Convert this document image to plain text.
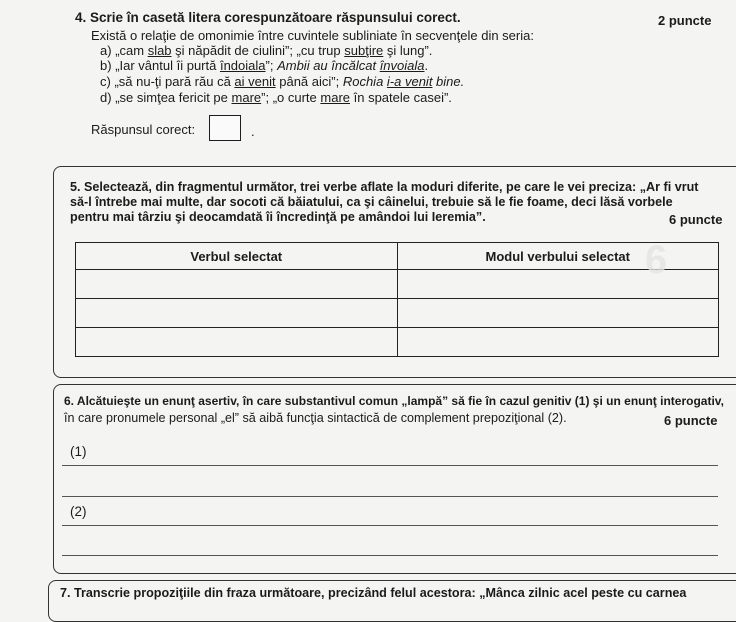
4. Scrie în casetă litera corespunzătoare răspunsului corect.	2 puncte
Există o relaţie de omonimie între cuvintele subliniate în secvenţele din seria:
a) „cam slab şi năpădit de ciulini”; „cu trup subţire şi lung”.
b) „Iar vântul îi purtă îndoiala”; Ambii au încălcat învoiala.
c) „să nu-ţi pară rău că ai venit până aici”; Rochia i-a venit bine.
d) „se simţea fericit pe mare”; „o curte mare în spatele casei”.
Răspunsul corect:	.
5. Selectează, din fragmentul următor, trei verbe aflate la moduri diferite, pe care le vei preciza: „Ar fi vrut
să-l întrebe mai multe, dar socoti că băiatului, ca şi câinelui, trebuie să le fie foame, deci lăsă vorbele
pentru mai târziu şi deocamdată îi încredinţă pe amândoi lui Ieremia”.	6 puncte
Verbul selectat	Modul verbului selectat

	6
6. Alcătuieşte un enunţ asertiv, în care substantivul comun „lampă” să fie în cazul genitiv (1) şi un enunţ interogativ,
în care pronumele personal „el” să aibă funcţia sintactică de complement prepoziţional (2).	6 puncte
(1)
(2)
7. Transcrie propoziţiile din fraza următoare, precizând felul acestora: „Mânca zilnic acel peste cu carnea
